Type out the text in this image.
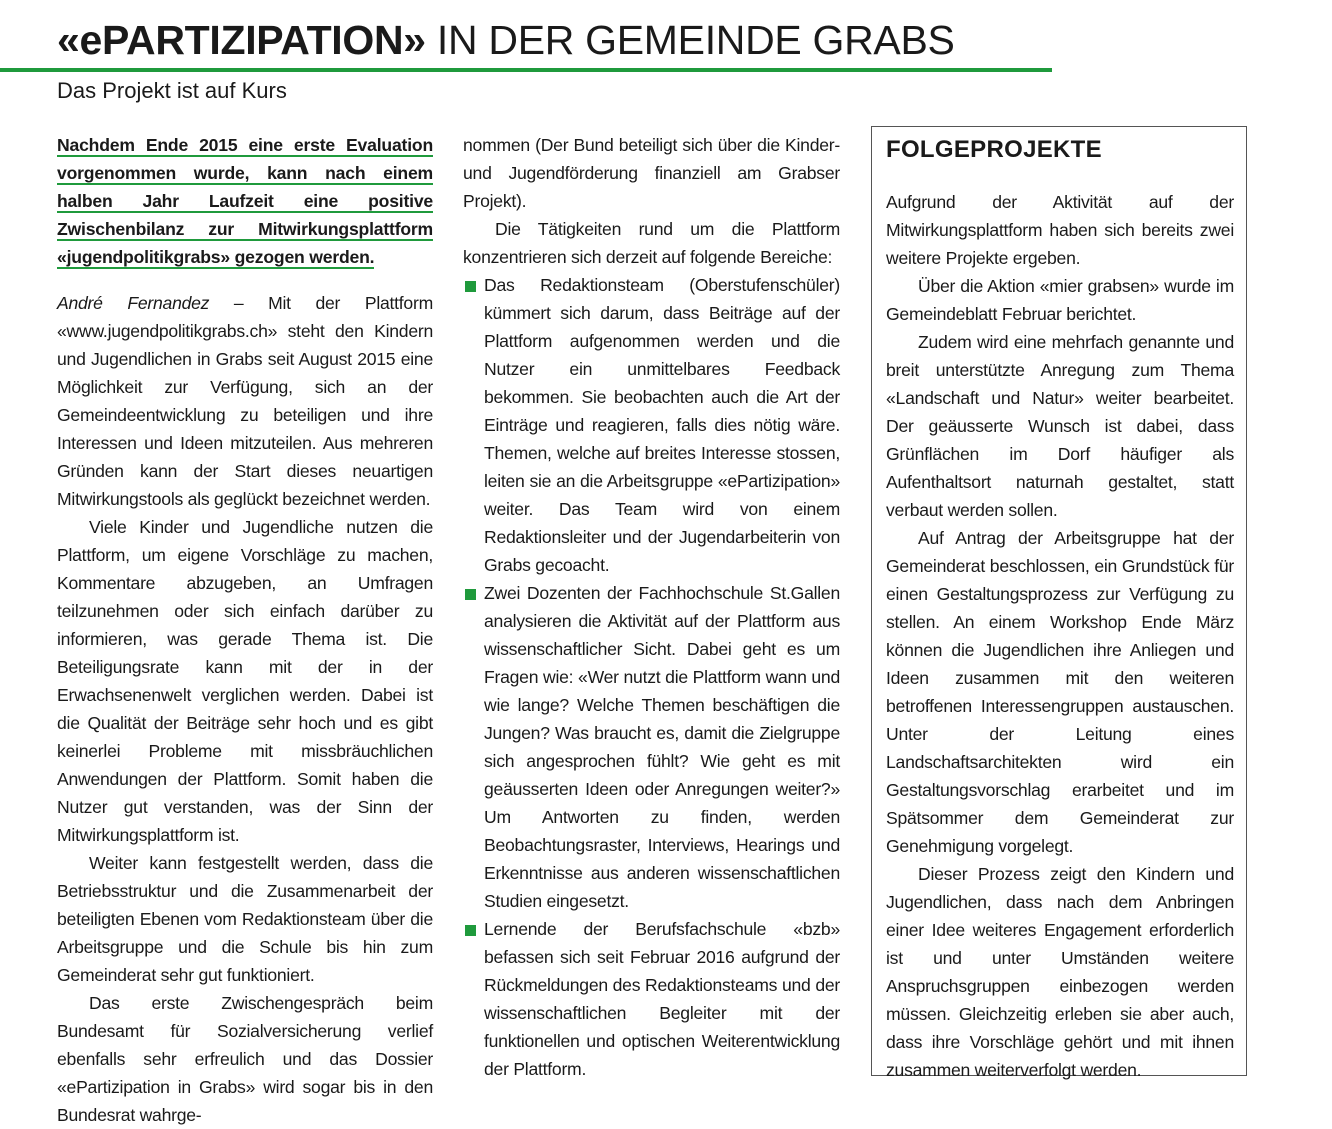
«ePARTIZIPATION» IN DER GEMEINDE GRABS
Das Projekt ist auf Kurs

Nachdem Ende 2015 eine erste Evaluation vorgenommen wurde, kann nach einem halben Jahr Laufzeit eine positive Zwischenbilanz zur Mitwirkungsplattform «jugendpolitikgrabs» gezogen werden.

André Fernandez – Mit der Plattform «www.jugendpolitikgrabs.ch» steht den Kindern und Jugendlichen in Grabs seit August 2015 eine Möglichkeit zur Verfügung, sich an der Gemeindeentwicklung zu beteiligen und ihre Interessen und Ideen mitzuteilen. Aus mehreren Gründen kann der Start dieses neuartigen Mitwirkungstools als geglückt bezeichnet werden.

Viele Kinder und Jugendliche nutzen die Plattform, um eigene Vorschläge zu machen, Kommentare abzugeben, an Umfragen teilzunehmen oder sich einfach darüber zu informieren, was gerade Thema ist. Die Beteiligungsrate kann mit der in der Erwachsenenwelt verglichen werden. Dabei ist die Qualität der Beiträge sehr hoch und es gibt keinerlei Probleme mit missbräuchlichen Anwendungen der Plattform. Somit haben die Nutzer gut verstanden, was der Sinn der Mitwirkungsplattform ist.

Weiter kann festgestellt werden, dass die Betriebsstruktur und die Zusammenarbeit der beteiligten Ebenen vom Redaktionsteam über die Arbeitsgruppe und die Schule bis hin zum Gemeinderat sehr gut funktioniert.

Das erste Zwischengespräch beim Bundesamt für Sozialversicherung verlief ebenfalls sehr erfreulich und das Dossier «ePartizipation in Grabs» wird sogar bis in den Bundesrat wahrge-

nommen (Der Bund beteiligt sich über die Kinder- und Jugendförderung finanziell am Grabser Projekt).

Die Tätigkeiten rund um die Plattform konzentrieren sich derzeit auf folgende Bereiche:

Das Redaktionsteam (Oberstufenschüler) kümmert sich darum, dass Beiträge auf der Plattform aufgenommen werden und die Nutzer ein unmittelbares Feedback bekommen. Sie beobachten auch die Art der Einträge und reagieren, falls dies nötig wäre. Themen, welche auf breites Interesse stossen, leiten sie an die Arbeitsgruppe «ePartizipation» weiter. Das Team wird von einem Redaktionsleiter und der Jugendarbeiterin von Grabs gecoacht.
Zwei Dozenten der Fachhochschule St.Gallen analysieren die Aktivität auf der Plattform aus wissenschaftlicher Sicht. Dabei geht es um Fragen wie: «Wer nutzt die Plattform wann und wie lange? Welche Themen beschäftigen die Jungen? Was braucht es, damit die Zielgruppe sich angesprochen fühlt? Wie geht es mit geäusserten Ideen oder Anregungen weiter?» Um Antworten zu finden, werden Beobachtungsraster, Interviews, Hearings und Erkenntnisse aus anderen wissenschaftlichen Studien eingesetzt.
Lernende der Berufsfachschule «bzb» befassen sich seit Februar 2016 aufgrund der Rückmeldungen des Redaktionsteams und der wissenschaftlichen Begleiter mit der funktionellen und optischen Weiterentwicklung der Plattform.
FOLGEPROJEKTE

Aufgrund der Aktivität auf der Mitwirkungsplattform haben sich bereits zwei weitere Projekte ergeben.

Über die Aktion «mier grabsen» wurde im Gemeindeblatt Februar berichtet.

Zudem wird eine mehrfach genannte und breit unterstützte Anregung zum Thema «Landschaft und Natur» weiter bearbeitet. Der geäusserte Wunsch ist dabei, dass Grünflächen im Dorf häufiger als Aufenthaltsort naturnah gestaltet, statt verbaut werden sollen.

Auf Antrag der Arbeitsgruppe hat der Gemeinderat beschlossen, ein Grundstück für einen Gestaltungsprozess zur Verfügung zu stellen. An einem Workshop Ende März können die Jugendlichen ihre Anliegen und Ideen zusammen mit den weiteren betroffenen Interessengruppen austauschen. Unter der Leitung eines Landschaftsarchitekten wird ein Gestaltungsvorschlag erarbeitet und im Spätsommer dem Gemeinderat zur Genehmigung vorgelegt.

Dieser Prozess zeigt den Kindern und Jugendlichen, dass nach dem Anbringen einer Idee weiteres Engagement erforderlich ist und unter Umständen weitere Anspruchsgruppen einbezogen werden müssen. Gleichzeitig erleben sie aber auch, dass ihre Vorschläge gehört und mit ihnen zusammen weiterverfolgt werden.
